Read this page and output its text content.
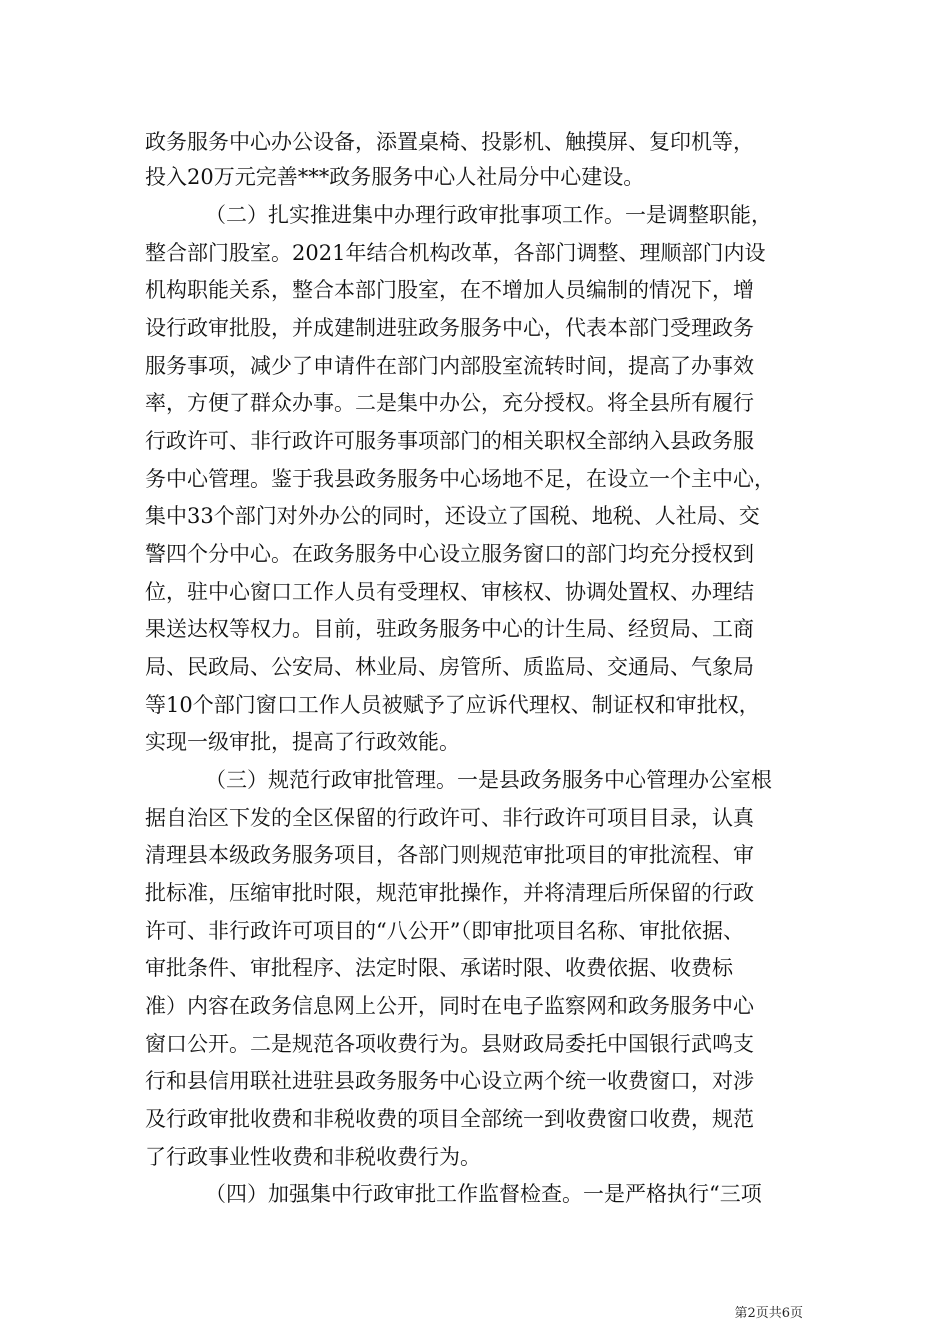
政务服务中心办公设备，添置桌椅、投影机、触摸屏、复印机等，

投入20万元完善***政务服务中心人社局分中心建设。

（二）扎实推进集中办理行政审批事项工作。一是调整职能，

整合部门股室。2021年结合机构改革，各部门调整、理顺部门内设

机构职能关系，整合本部门股室，在不增加人员编制的情况下，增

设行政审批股，并成建制进驻政务服务中心，代表本部门受理政务

服务事项，减少了申请件在部门内部股室流转时间，提高了办事效

率，方便了群众办事。二是集中办公，充分授权。将全县所有履行

行政许可、非行政许可服务事项部门的相关职权全部纳入县政务服

务中心管理。鉴于我县政务服务中心场地不足，在设立一个主中心，

集中33个部门对外办公的同时，还设立了国税、地税、人社局、交

警四个分中心。在政务服务中心设立服务窗口的部门均充分授权到

位，驻中心窗口工作人员有受理权、审核权、协调处置权、办理结

果送达权等权力。目前，驻政务服务中心的计生局、经贸局、工商

局、民政局、公安局、林业局、房管所、质监局、交通局、气象局

等10个部门窗口工作人员被赋予了应诉代理权、制证权和审批权，

实现一级审批，提高了行政效能。

（三）规范行政审批管理。一是县政务服务中心管理办公室根

据自治区下发的全区保留的行政许可、非行政许可项目目录，认真

清理县本级政务服务项目，各部门则规范审批项目的审批流程、审

批标准，压缩审批时限，规范审批操作，并将清理后所保留的行政

许可、非行政许可项目的“八公开”（即审批项目名称、审批依据、

审批条件、审批程序、法定时限、承诺时限、收费依据、收费标

准）内容在政务信息网上公开，同时在电子监察网和政务服务中心

窗口公开。二是规范各项收费行为。县财政局委托中国银行武鸣支

行和县信用联社进驻县政务服务中心设立两个统一收费窗口，对涉

及行政审批收费和非税收费的项目全部统一到收费窗口收费，规范

了行政事业性收费和非税收费行为。

（四）加强集中行政审批工作监督检查。一是严格执行“三项

第2页共6页
